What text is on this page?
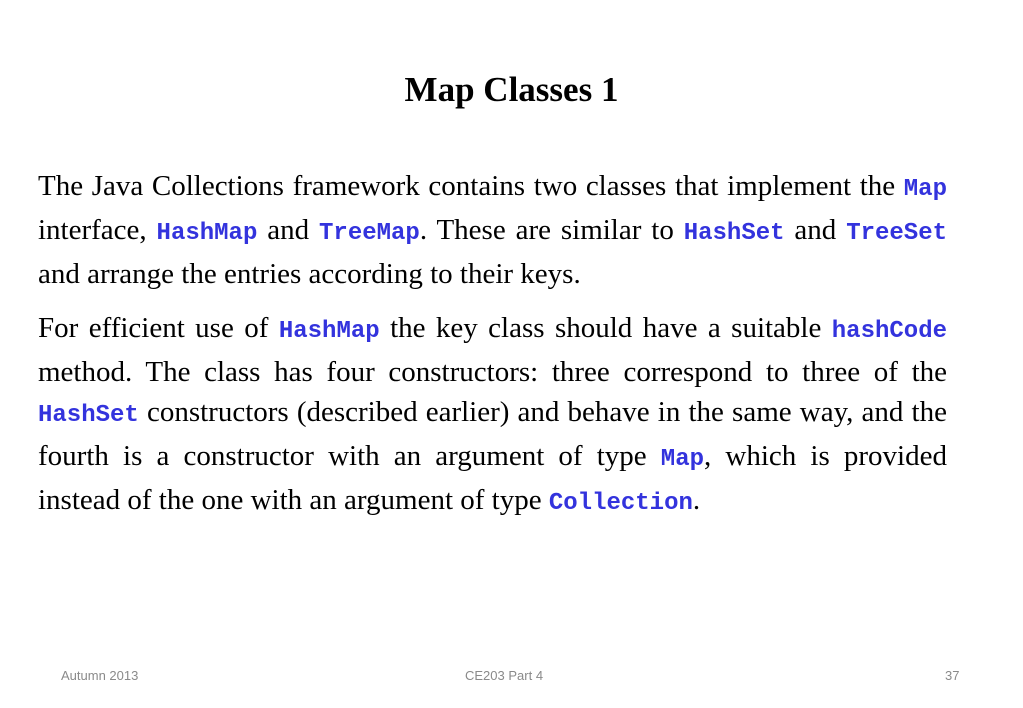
Map Classes 1

The Java Collections framework contains two classes that implement the Map interface, HashMap and TreeMap. These are similar to HashSet and TreeSet and arrange the entries according to their keys.

For efficient use of HashMap the key class should have a suitable hashCode method. The class has four constructors: three correspond to three of the HashSet constructors (described earlier) and behave in the same way, and the fourth is a constructor with an argument of type Map, which is provided instead of the one with an argument of type Collection.

Autumn 2013	CE203 Part 4	37
